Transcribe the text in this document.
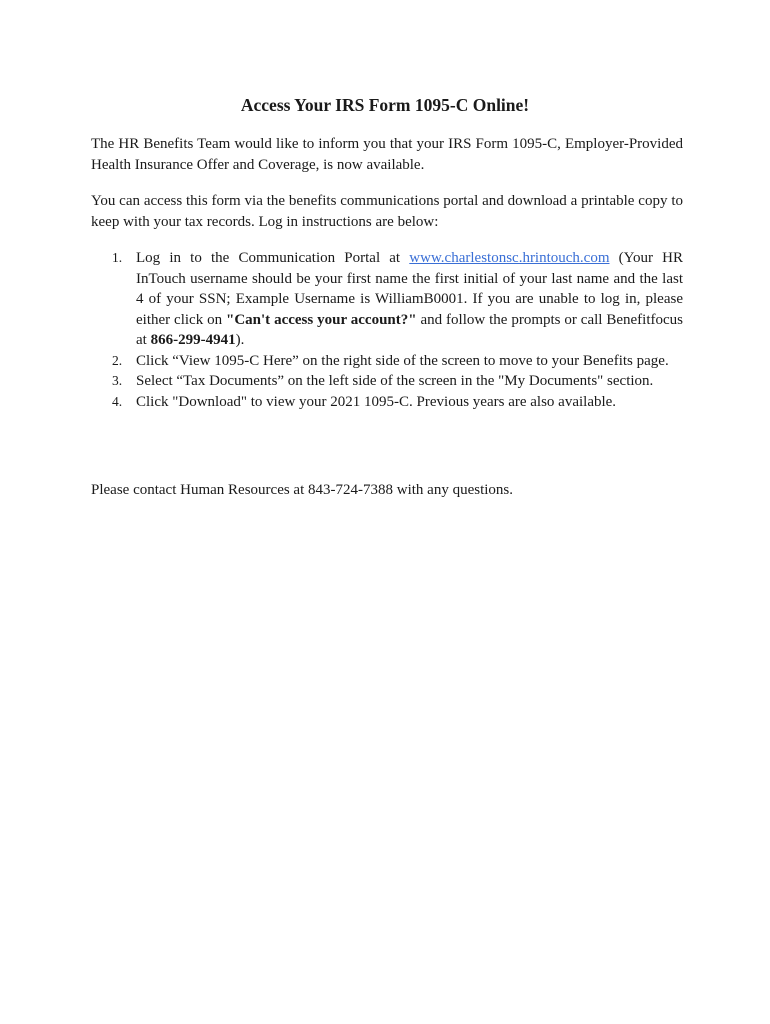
Access Your IRS Form 1095-C Online!

The HR Benefits Team would like to inform you that your IRS Form 1095-C, Employer-Provided Health Insurance Offer and Coverage, is now available.

You can access this form via the benefits communications portal and download a printable copy to keep with your tax records. Log in instructions are below:

1. Log in to the Communication Portal at www.charlestonsc.hrintouch.com (Your HR InTouch username should be your first name the first initial of your last name and the last 4 of your SSN; Example Username is WilliamB0001. If you are unable to log in, please either click on "Can't access your account?" and follow the prompts or call Benefitfocus at 866-299-4941).
2. Click “View 1095-C Here” on the right side of the screen to move to your Benefits page.
3. Select “Tax Documents” on the left side of the screen in the "My Documents" section.
4. Click "Download" to view your 2021 1095-C. Previous years are also available.

Please contact Human Resources at 843-724-7388 with any questions.
